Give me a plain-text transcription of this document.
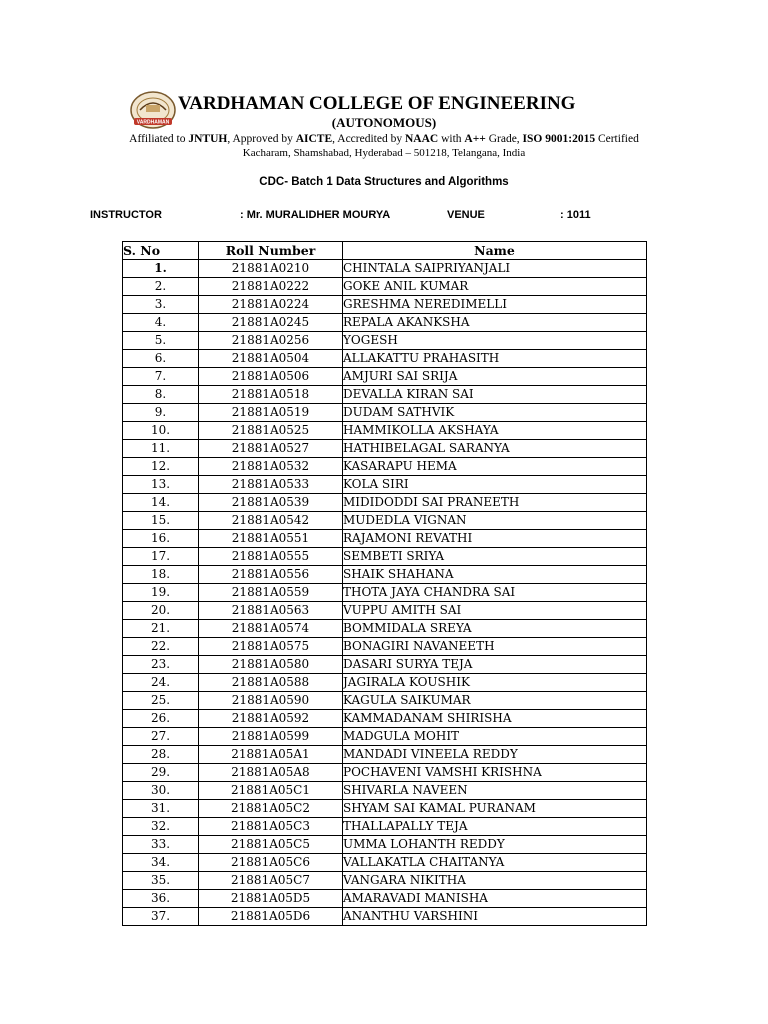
VARDHAMAN
VARDHAMAN COLLEGE OF ENGINEERING
(AUTONOMOUS)
Affiliated to JNTUH, Approved by AICTE, Accredited by NAAC with A++ Grade, ISO 9001:2015 Certified
Kacharam, Shamshabad, Hyderabad – 501218, Telangana, India
CDC- Batch 1 Data Structures and Algorithms
INSTRUCTOR	: Mr. MURALIDHER MOURYA	VENUE	: 1011
S. No	Roll Number	Name
1.	21881A0210	CHINTALA SAIPRIYANJALI
2.	21881A0222	GOKE ANIL KUMAR
3.	21881A0224	GRESHMA NEREDIMELLI
4.	21881A0245	REPALA AKANKSHA
5.	21881A0256	YOGESH
6.	21881A0504	ALLAKATTU PRAHASITH
7.	21881A0506	AMJURI SAI SRIJA
8.	21881A0518	DEVALLA KIRAN SAI
9.	21881A0519	DUDAM SATHVIK
10.	21881A0525	HAMMIKOLLA AKSHAYA
11.	21881A0527	HATHIBELAGAL SARANYA
12.	21881A0532	KASARAPU HEMA
13.	21881A0533	KOLA SIRI
14.	21881A0539	MIDIDODDI SAI PRANEETH
15.	21881A0542	MUDEDLA VIGNAN
16.	21881A0551	RAJAMONI REVATHI
17.	21881A0555	SEMBETI SRIYA
18.	21881A0556	SHAIK SHAHANA
19.	21881A0559	THOTA JAYA CHANDRA SAI
20.	21881A0563	VUPPU AMITH SAI
21.	21881A0574	BOMMIDALA SREYA
22.	21881A0575	BONAGIRI NAVANEETH
23.	21881A0580	DASARI SURYA TEJA
24.	21881A0588	JAGIRALA KOUSHIK
25.	21881A0590	KAGULA SAIKUMAR
26.	21881A0592	KAMMADANAM SHIRISHA
27.	21881A0599	MADGULA MOHIT
28.	21881A05A1	MANDADI VINEELA REDDY
29.	21881A05A8	POCHAVENI VAMSHI KRISHNA
30.	21881A05C1	SHIVARLA NAVEEN
31.	21881A05C2	SHYAM SAI KAMAL PURANAM
32.	21881A05C3	THALLAPALLY TEJA
33.	21881A05C5	UMMA LOHANTH REDDY
34.	21881A05C6	VALLAKATLA CHAITANYA
35.	21881A05C7	VANGARA NIKITHA
36.	21881A05D5	AMARAVADI MANISHA
37.	21881A05D6	ANANTHU VARSHINI
